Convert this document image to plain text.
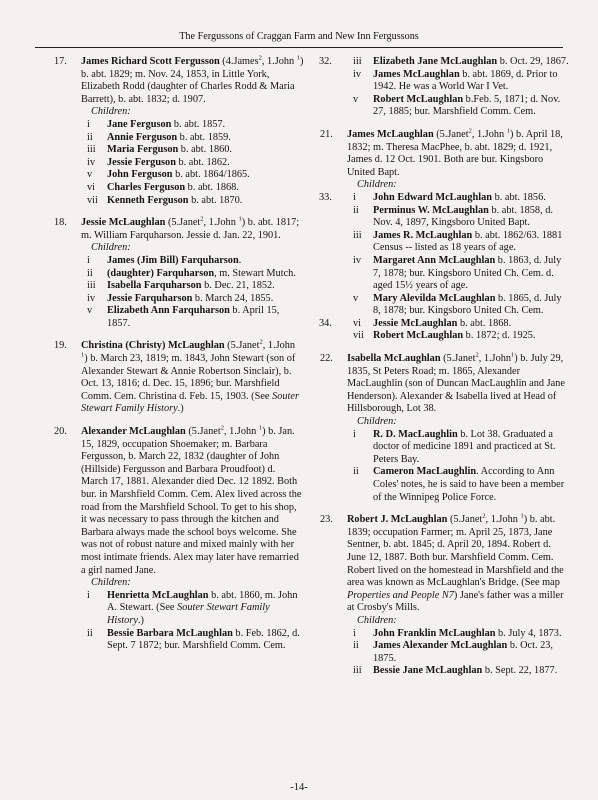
The Fergussons of Craggan Farm and New Inn Fergussons
17. James Richard Scott Fergusson (4.James$^2$, 1.John $^1$) b. abt. 1829; m. Nov. 24, 1853, in Little York, Elizabeth Rodd (daughter of Charles Rodd & Maria Barrett), b. abt. 1832; d. 1907.
Children:
i Jane Ferguson b. abt. 1857.
ii Annie Ferguson b. abt. 1859.
iii Maria Ferguson b. abt. 1860.
iv Jessie Ferguson b. abt. 1862.
v John Ferguson b. abt. 1864/1865.
vi Charles Ferguson b. abt. 1868.
vii Kenneth Ferguson b. abt. 1870.
18. Jessie McLaughlan (5.Janet$^2$, 1.John $^1$) b. abt. 1817; m. William Farquharson. Jessie d. Jan. 22, 1901.
Children:
i James (Jim Bill) Farquharson.
ii (daughter) Farquharson, m. Stewart Mutch.
iii Isabella Farquharson b. Dec. 21, 1852.
iv Jessie Farquharson b. March 24, 1855.
v Elizabeth Ann Farquharson b. April 15, 1857.
19. Christina (Christy) McLaughlan (5.Janet$^2$, 1.John $^1$) b. March 23, 1819; m. 1843, John Stewart (son of Alexander Stewart & Annie Robertson Sinclair), b. Oct. 13, 1816; d. Dec. 15, 1896; bur. Marshfield Comm. Cem. Christina d. Feb. 15, 1903. (See Souter Stewart Family History.)
20. Alexander McLaughlan (5.Janet$^2$, 1.John $^1$) b. Jan. 15, 1829, occupation Shoemaker; m. Barbara Fergusson, b. March 22, 1832 (daughter of John (Hillside) Fergusson and Barbara Proudfoot) d. March 17, 1881. Alexander died Dec. 12 1892. Both bur. in Marshfield Comm. Cem. Alex lived across the road from the Marshfield School. To get to his shop, it was necessary to pass through the kitchen and Barbara always made the school boys welcome. She was not of robust nature and mixed mainly with her most intimate friends. Alex may later have remarried a girl named Jane.
Children:
i Henrietta McLaughlan b. abt. 1860, m. John A. Stewart. (See Souter Stewart Family History.)
ii Bessie Barbara McLaughlan b. Feb. 1862, d. Sept. 7 1872; bur. Marshfield Comm. Cem.
32. iii Elizabeth Jane McLaughlan b. Oct. 29, 1867.
iv James McLaughlan b. abt. 1869, d. Prior to 1942. He was a World War I Vet.
v Robert McLaughlan b.Feb. 5, 1871; d. Nov. 27, 1885; bur. Marshfield Comm. Cem.
21. James McLaughlan (5.Janet$^2$, 1.John $^1$) b. April 18, 1832; m. Theresa MacPhee, b. abt. 1829; d. 1921, James d. 12 Oct. 1901. Both are bur. Kingsboro United Bapt.
Children:
33. i John Edward McLaughlan b. abt. 1856.
ii Perminus W. McLaughlan b. abt. 1858, d. Nov. 4, 1897, Kingsboro United Bapt.
iii James R. McLaughlan b. abt. 1862/63. 1881 Census -- listed as 18 years of age.
iv Margaret Ann McLaughlan b. 1863, d. July 7, 1878; bur. Kingsboro United Ch. Cem. d. aged 15½ years of age.
v Mary Alevilda McLaughlan b. 1865, d. July 8, 1878; bur. Kingsboro United Ch. Cem.
34. vi Jessie McLaughlan b. abt. 1868.
vii Robert McLaughlan b. 1872; d. 1925.
22. Isabella McLaughlan (5.Janet$^2$, 1.John$^1$) b. July 29, 1835, St Peters Road; m. 1865, Alexander MacLaughlin (son of Duncan MacLaughlin and Jane Henderson). Alexander & Isabella lived at Head of Hillsborough, Lot 38.
Children:
i R. D. MacLaughlin b. Lot 38. Graduated a doctor of medicine 1891 and practiced at St. Peters Bay.
ii Cameron MacLaughlin. According to Ann Coles' notes, he is said to have been a member of the Winnipeg Police Force.
23. Robert J. McLaughlan (5.Janet$^2$, 1.John $^1$) b. abt. 1839; occupation Farmer; m. April 25, 1873, Jane Sentner, b. abt. 1845; d. April 20, 1894. Robert d. June 12, 1887. Both bur. Marshfield Comm. Cem. Robert lived on the homestead in Marshfield and the area was known as McLaughlan's Bridge. (See map Properties and People N7) Jane's father was a miller at Crosby's Mills.
Children:
i John Franklin McLaughlan b. July 4, 1873.
ii James Alexander McLaughlan b. Oct. 23, 1875.
iii Bessie Jane McLaughlan b. Sept. 22, 1877.
-14-
